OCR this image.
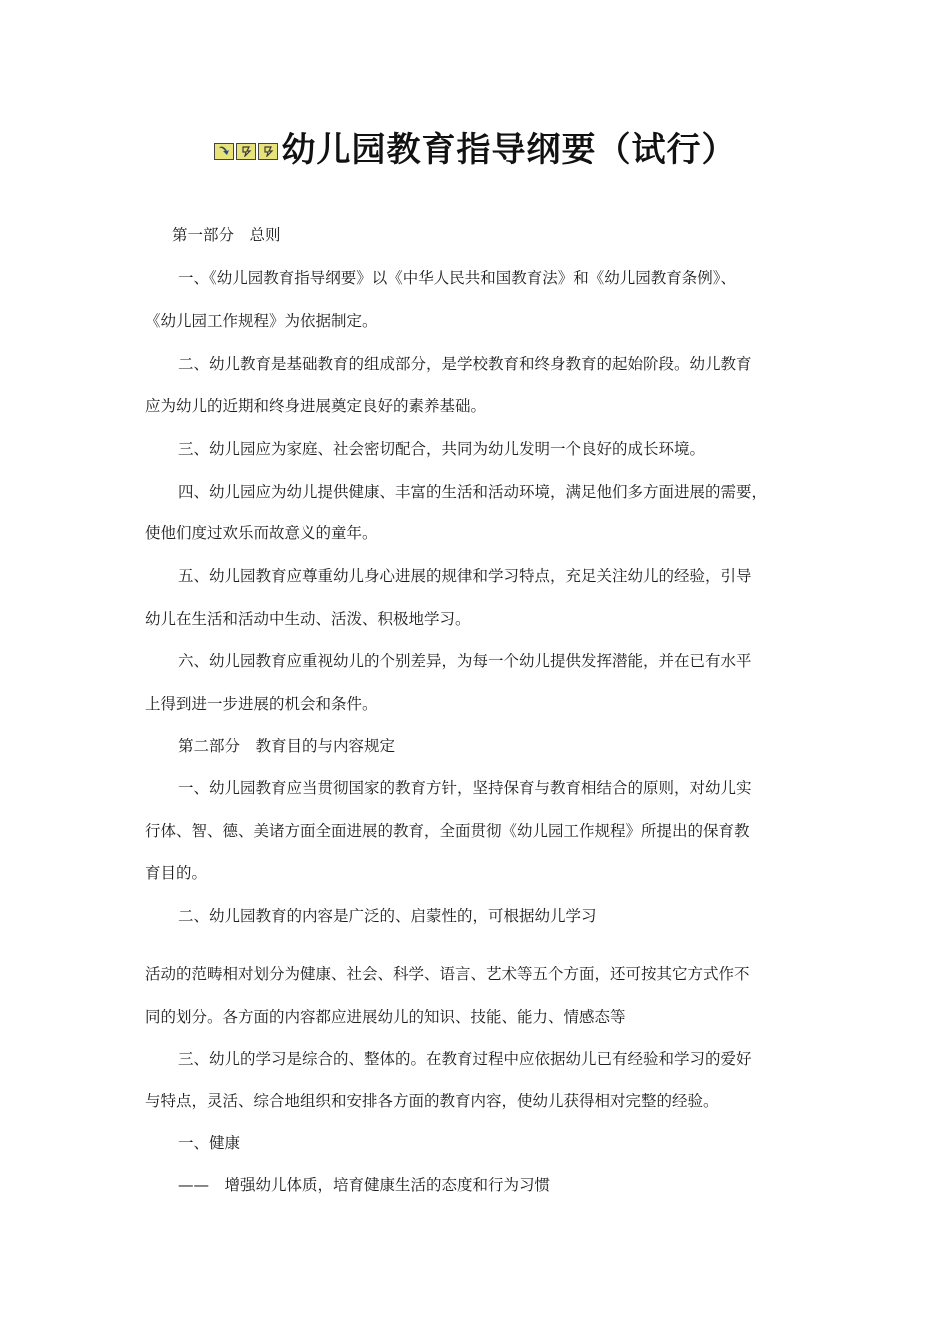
幼儿园教育指导纲要（试行）
第一部分　总则
一、《幼儿园教育指导纲要》以《中华人民共和国教育法》和《幼儿园教育条例》、
《幼儿园工作规程》为依据制定。
二、幼儿教育是基础教育的组成部分，是学校教育和终身教育的起始阶段。幼儿教育
应为幼儿的近期和终身进展奠定良好的素养基础。
三、幼儿园应为家庭、社会密切配合，共同为幼儿发明一个良好的成长环境。
四、幼儿园应为幼儿提供健康、丰富的生活和活动环境，满足他们多方面进展的需要，
使他们度过欢乐而故意义的童年。
五、幼儿园教育应尊重幼儿身心进展的规律和学习特点，充足关注幼儿的经验，引导
幼儿在生活和活动中生动、活泼、积极地学习。
六、幼儿园教育应重视幼儿的个别差异，为每一个幼儿提供发挥潜能，并在已有水平
上得到进一步进展的机会和条件。
第二部分　教育目的与内容规定
一、幼儿园教育应当贯彻国家的教育方针，坚持保育与教育相结合的原则，对幼儿实
行体、智、德、美诸方面全面进展的教育，全面贯彻《幼儿园工作规程》所提出的保育教
育目的。
二、幼儿园教育的内容是广泛的、启蒙性的，可根据幼儿学习
活动的范畴相对划分为健康、社会、科学、语言、艺术等五个方面，还可按其它方式作不
同的划分。各方面的内容都应进展幼儿的知识、技能、能力、情感态等
三、幼儿的学习是综合的、整体的。在教育过程中应依据幼儿已有经验和学习的爱好
与特点，灵活、综合地组织和安排各方面的教育内容，使幼儿获得相对完整的经验。
一、健康
——　增强幼儿体质，培育健康生活的态度和行为习惯
